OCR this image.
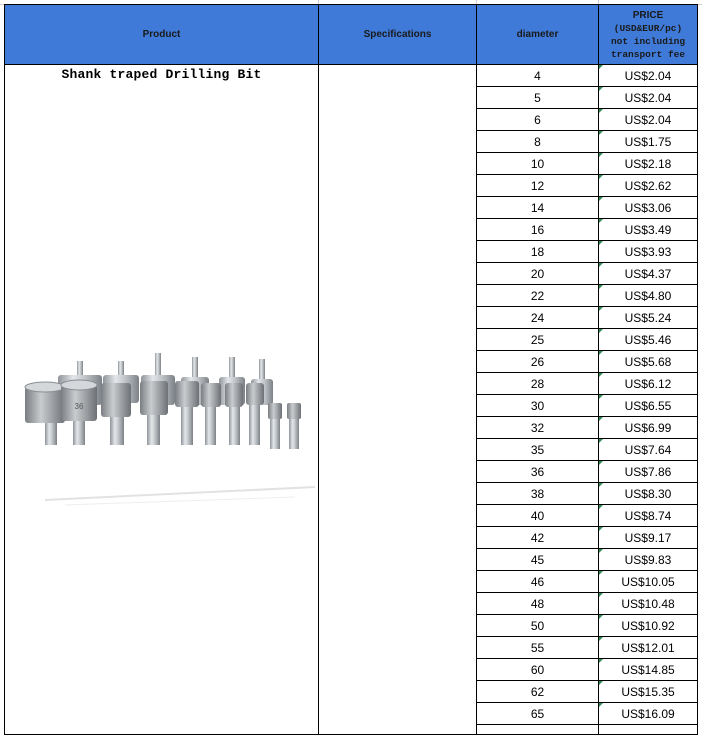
Product	Specifications	diameter	PRICE
(USD&EUR/pc)
not including
transport fee

Shank traped Drilling Bit
36		4	US$2.04
		5	US$2.04
		6	US$2.04
		8	US$1.75
		10	US$2.18
		12	US$2.62
		14	US$3.06
		16	US$3.49
		18	US$3.93
		20	US$4.37
		22	US$4.80
		24	US$5.24
		25	US$5.46
		26	US$5.68
		28	US$6.12
		30	US$6.55
		32	US$6.99
		35	US$7.64
		36	US$7.86
		38	US$8.30
		40	US$8.74
		42	US$9.17
		45	US$9.83
		46	US$10.05
		48	US$10.48
		50	US$10.92
		55	US$12.01
		60	US$14.85
		62	US$15.35
		65	US$16.09
